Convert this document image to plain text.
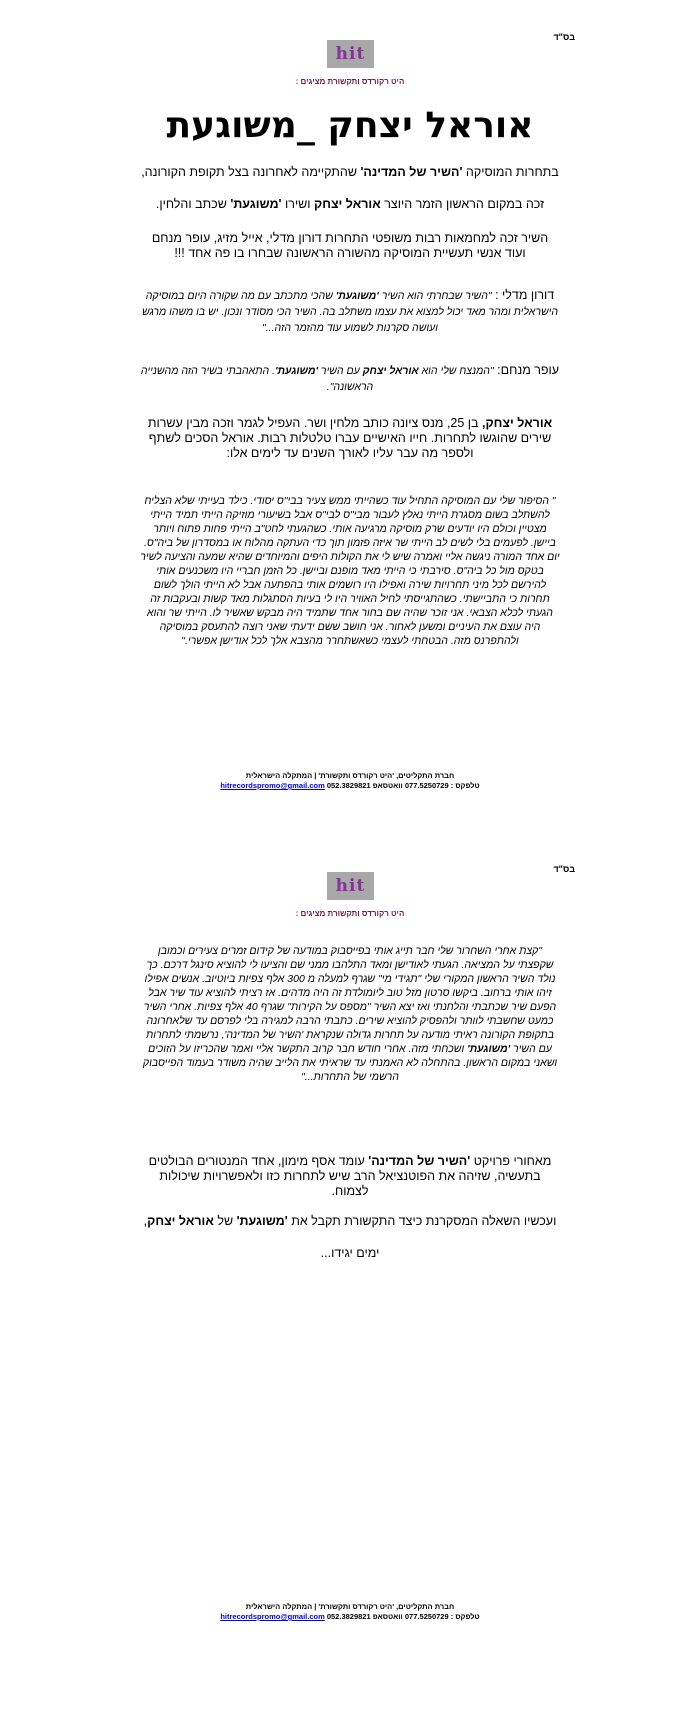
בס"ד
hit
היט רקורדס ותקשורת מציגים :
אוראל יצחק _משוגעת
בתחרות המוסיקה 'השיר של המדינה' שהתקיימה לאחרונה בצל תקופת הקורונה,
זכה במקום הראשון הזמר היוצר אוראל יצחק ושירו 'משוגעת' שכתב והלחין.
השיר זכה למחמאות רבות משופטי התחרות דורון מדלי, אייל מזיג, עופר מנחם ועוד אנשי תעשיית המוסיקה מהשורה הראשונה שבחרו בו פה אחד !!!
דורון מדלי : "השיר שבחרתי הוא השיר 'משוגעת' שהכי מתכתב עם מה שקורה היום במוסיקה הישראלית ומהר מאד יכול למצוא את עצמו משתלב בה. השיר הכי מסודר ונכון. יש בו משהו מרגש ועושה סקרנות לשמוע עוד מהזמר הזה..."
עופר מנחם: "המנצח שלי הוא אוראל יצחק עם השיר 'משוגעת'. התאהבתי בשיר הזה מהשנייה הראשונה".
אוראל יצחק, בן 25, מנס ציונה כותב מלחין ושר. העפיל לגמר וזכה מבין עשרות שירים שהוגשו לתחרות. חייו האישיים עברו טלטלות רבות. אוראל הסכים לשתף ולספר מה עבר עליו לאורך השנים עד לימים אלו:
" הסיפור שלי עם המוסיקה התחיל עוד כשהייתי ממש צעיר בבי"ס יסודי. כילד בעייתי שלא הצליח להשתלב בשום מסגרת הייתי נאלץ לעבור מבי"ס לבי"ס אבל בשיעורי מוזיקה הייתי תמיד הייתי מצטיין וכולם היו יודעים שרק מוסיקה מרגיעה אותי. כשהגעתי לחט"ב הייתי פחות פתוח ויותר ביישן. לפעמים בלי לשים לב הייתי שר איזה פזמון תוך כדי העתקה מהלוח או במסדרון של ביה"ס. יום אחד המורה ניגשה אליי ואמרה שיש לי את הקולות היפים והמיוחדים שהיא שמעה והציעה לשיר בטקס מול כל ביה"ס. סירבתי כי הייתי מאד מופנם וביישן. כל הזמן חבריי היו משכנעים אותי להירשם לכל מיני תחרויות שירה ואפילו היו רושמים אותי בהפתעה אבל לא הייתי הולך לשום תחרות כי התביישתי. כשהתגייסתי לחיל האוויר היו לי בעיות הסתגלות מאד קשות ובעקבות זה הגעתי לכלא הצבאי. אני זוכר שהיה שם בחור אחד שתמיד היה מבקש שאשיר לו. הייתי שר והוא היה עוצם את העיניים ומשען לאחור. אני חושב ששם ידעתי שאני רוצה להתעסק במוסיקה ולהתפרנס מזה. הבטחתי לעצמי כשאשתחרר מהצבא אלך לכל אודישן אפשרי."
חברת התקליטים, 'היט רקורדס ותקשורת' | המתקלה הישראלית
טלפקס : 077.5250729 וואטסאפ 052.3829821 hitrecordspromo@gmail.com
בס"ד
hit
היט רקורדס ותקשורת מציגים :
"קצת אחרי השחרור שלי חבר תייג אותי בפייסבוק במודעה של קידום זמרים צעירים וכמובן שקפצתי על המציאה. הגעתי לאודישן ומאד התלהבו ממני שם והציעו לי להוציא סינגל דרכם. כך נולד השיר הראשון המקורי שלי "תגידי מי" שגרף למעלה מ 300 אלף צפיות ביוטיוב. אנשים אפילו זיהו אותי ברחוב. ביקשו סרטון מזל טוב ליומולדת זה היה מדהים. אז רציתי להוציא עוד שיר אבל הפעם שיר שכתבתי והלחנתי ואז יצא השיר "מספס על הקירות" שגרף 40 אלף צפיות. אחרי השיר כמעט שחשבתי לוותר ולהפסיק להוציא שירים. כתבתי הרבה למגירה בלי לפרסם עד שלאחרונה בתקופת הקורונה ראיתי מודעה על תחרות גדולה שנקראת 'השיר של המדינה', נרשמתי לתחרות עם השיר 'משוגעת' ושכחתי מזה. אחרי חודש חבר קרוב התקשר אליי ואמר שהכריזו על הזוכים ושאני במקום הראשון. בהתחלה לא האמנתי עד שראיתי את הלייב שהיה משודר בעמוד הפייסבוק הרשמי של התחרות..."
מאחורי פרויקט 'השיר של המדינה' עומד אסף מימון, אחד המנטורים הבולטים בתעשיה, שזיהה את הפוטנציאל הרב שיש לתחרות כזו ולאפשרויות שיכולות לצמוח.
ועכשיו השאלה המסקרנת כיצד התקשורת תקבל את 'משוגעת' של אוראל יצחק,
ימים יגידו...
חברת התקליטים, 'היט רקורדס ותקשורת' | המתקלה הישראלית
טלפקס : 077.5250729 וואטסאפ 052.3829821 hitrecordspromo@gmail.com
